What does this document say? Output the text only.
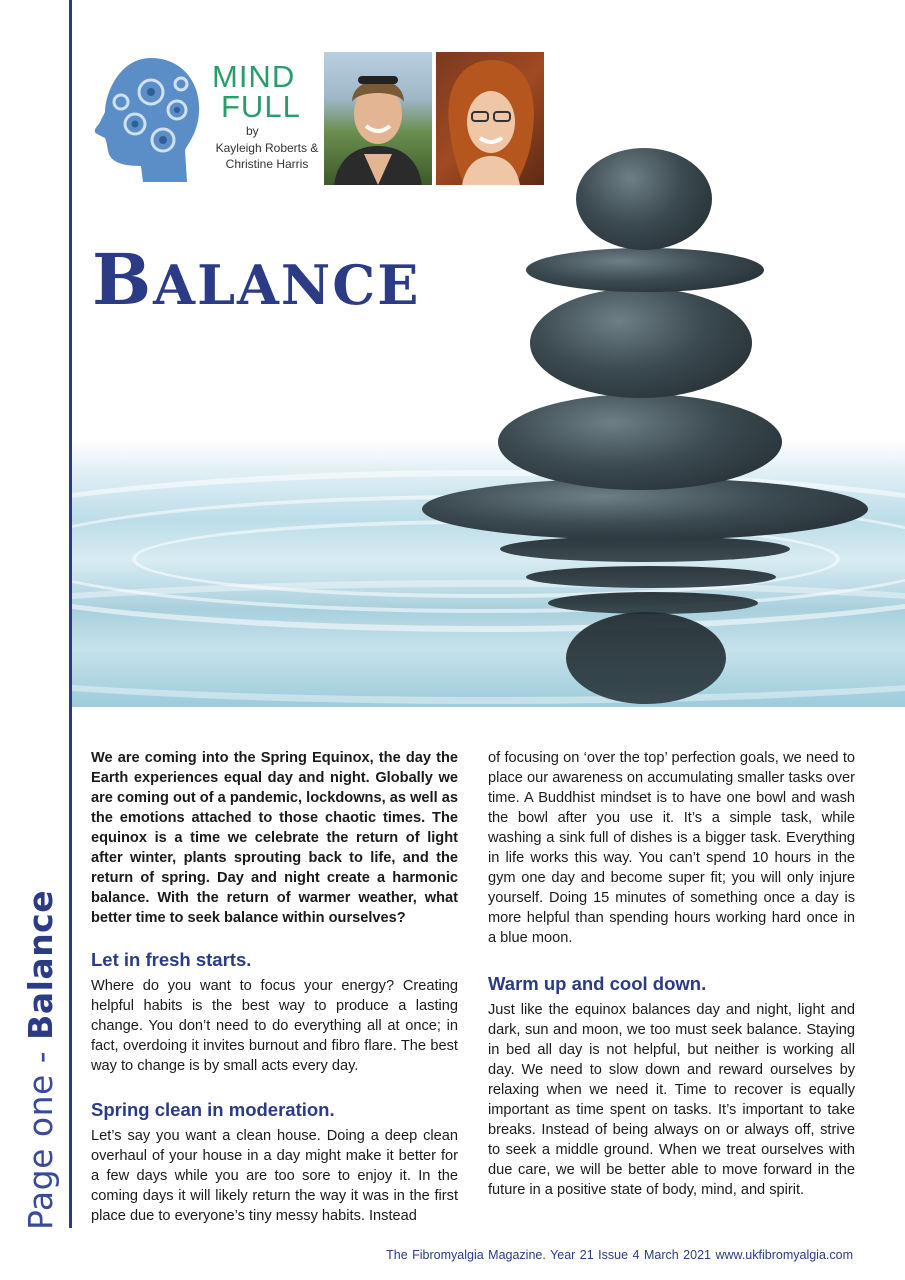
Page one - Balance
MIND
FULL
by
Kayleigh Roberts & Christine Harris
BALANCE

We are coming into the Spring Equinox, the day the Earth experiences equal day and night. Globally we are coming out of a pandemic, lockdowns, as well as the emotions attached to those chaotic times. The equinox is a time we celebrate the return of light after winter, plants sprouting back to life, and the return of spring. Day and night create a harmonic balance. With the return of warmer weather, what better time to seek balance within ourselves?

Let in fresh starts.

Where do you want to focus your energy? Creating helpful habits is the best way to produce a lasting change. You don’t need to do everything all at once; in fact, overdoing it invites burnout and fibro flare. The best way to change is by small acts every day.

Spring clean in moderation.

Let’s say you want a clean house. Doing a deep clean overhaul of your house in a day might make it better for a few days while you are too sore to enjoy it. In the coming days it will likely return the way it was in the first place due to everyone’s tiny messy habits. Instead

of focusing on ‘over the top’ perfection goals, we need to place our awareness on accumulating smaller tasks over time. A Buddhist mindset is to have one bowl and wash the bowl after you use it. It’s a simple task, while washing a sink full of dishes is a bigger task. Everything in life works this way. You can’t spend 10 hours in the gym one day and become super fit; you will only injure yourself. Doing 15 minutes of something once a day is more helpful than spending hours working hard once in a blue moon.

Warm up and cool down.

Just like the equinox balances day and night, light and dark, sun and moon, we too must seek balance. Staying in bed all day is not helpful, but neither is working all day. We need to slow down and reward ourselves by relaxing when we need it. Time to recover is equally important as time spent on tasks. It’s important to take breaks. Instead of being always on or always off, strive to seek a middle ground. When we treat ourselves with due care, we will be better able to move forward in the future in a positive state of body, mind, and spirit.

The Fibromyalgia Magazine. Year 21 Issue 4 March 2021 www.ukfibromyalgia.com
